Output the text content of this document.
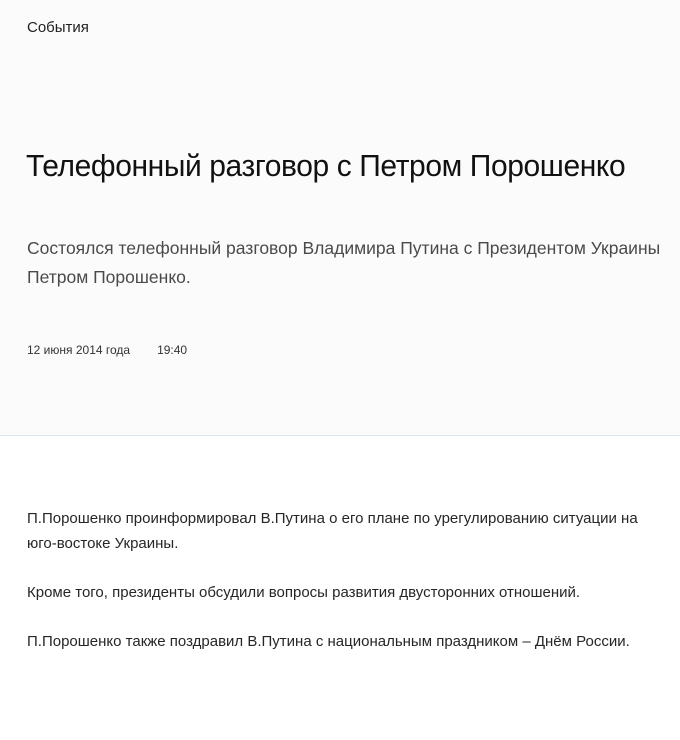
События
Телефонный разговор с Петром Порошенко

Состоялся телефонный разговор Владимира Путина с Президентом Украины Петром Порошенко.

12 июня 2014 года 19:40

П.Порошенко проинформировал В.Путина о его плане по урегулированию ситуации на юго-востоке Украины.

Кроме того, президенты обсудили вопросы развития двусторонних отношений.

П.Порошенко также поздравил В.Путина с национальным праздником – Днём России.
